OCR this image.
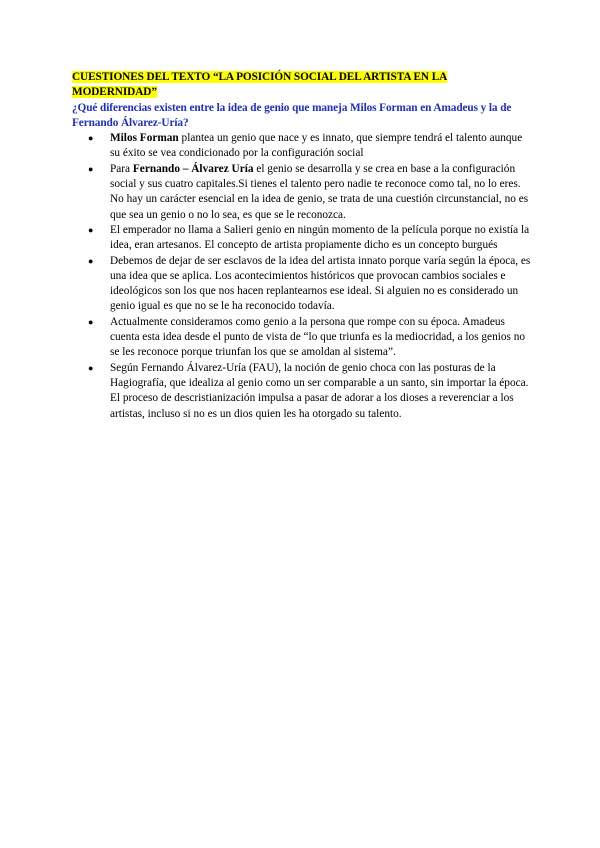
CUESTIONES DEL TEXTO “LA POSICIÓN SOCIAL DEL ARTISTA EN LA MODERNIDAD”

¿Qué diferencias existen entre la idea de genio que maneja Milos Forman en Amadeus y la de Fernando Álvarez-Uría?

● Milos Forman plantea un genio que nace y es innato, que siempre tendrá el talento aunque su éxito se vea condicionado por la configuración social
● Para Fernando – Álvarez Uría el genio se desarrolla y se crea en base a la configuración social y sus cuatro capitales.Si tienes el talento pero nadie te reconoce como tal, no lo eres. No hay un carácter esencial en la idea de genio, se trata de una cuestión circunstancial, no es que sea un genio o no lo sea, es que se le reconozca.
● El emperador no llama a Salieri genio en ningún momento de la película porque no existía la idea, eran artesanos. El concepto de artista propiamente dicho es un concepto burgués
● Debemos de dejar de ser esclavos de la idea del artista innato porque varía según la época, es una idea que se aplica. Los acontecimientos históricos que provocan cambios sociales e ideológicos son los que nos hacen replantearnos ese ideal. Si alguien no es considerado un genio igual es que no se le ha reconocido todavía.
● Actualmente consideramos como genio a la persona que rompe con su época. Amadeus cuenta esta idea desde el punto de vista de “lo que triunfa es la mediocridad, a los genios no se les reconoce porque triunfan los que se amoldan al sistema”.
● Según Fernando Álvarez-Uría (FAU), la noción de genio choca con las posturas de la Hagiografía, que idealiza al genio como un ser comparable a un santo, sin importar la época. El proceso de descristianización impulsa a pasar de adorar a los dioses a reverenciar a los artistas, incluso si no es un dios quien les ha otorgado su talento.
